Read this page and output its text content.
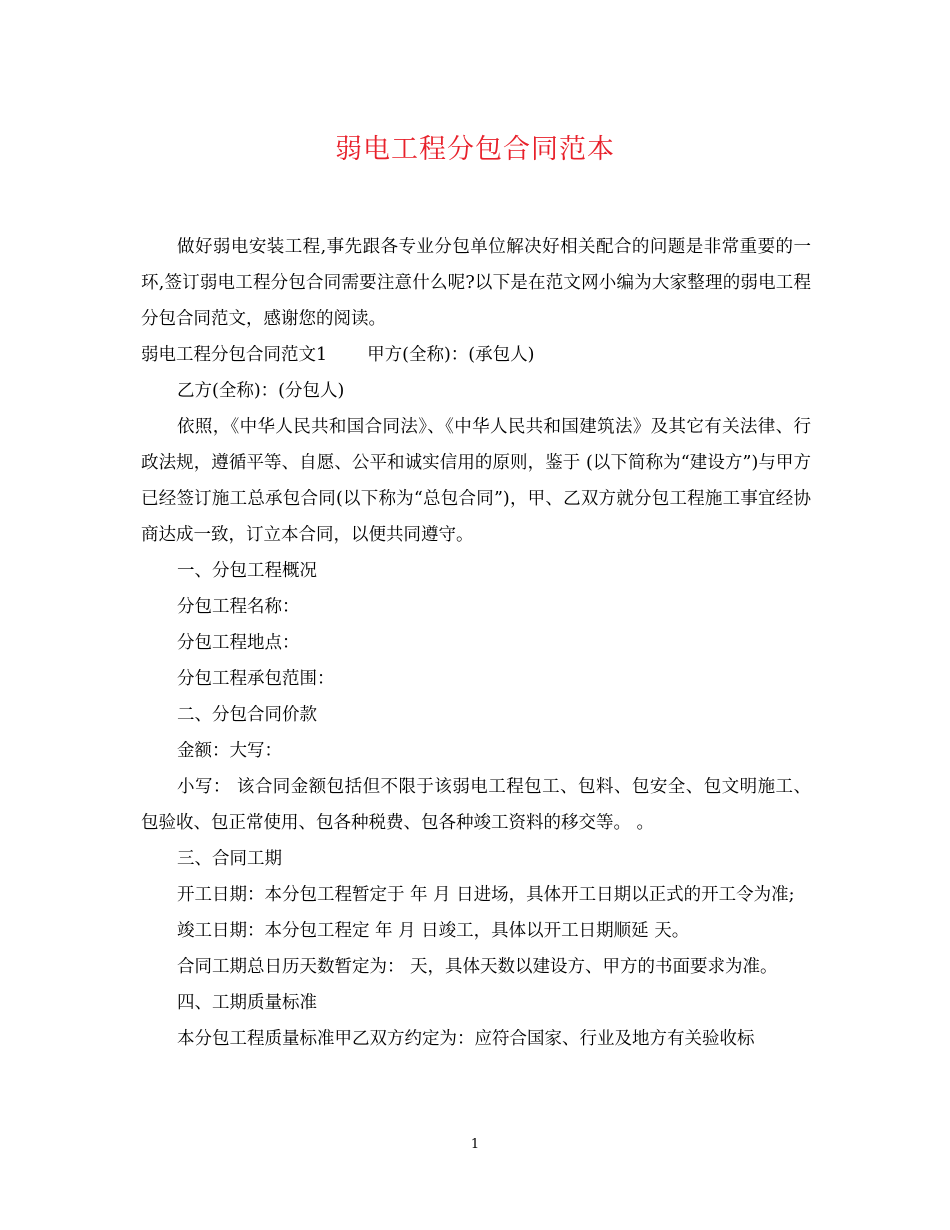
弱电工程分包合同范本

做好弱电安装工程,事先跟各专业分包单位解决好相关配合的问题是非常重要的一环,签订弱电工程分包合同需要注意什么呢?以下是在范文网小编为大家整理的弱电工程分包合同范文，感谢您的阅读。

弱电工程分包合同范文1 甲方(全称)：(承包人)

乙方(全称)：(分包人)

依照，《中华人民共和国合同法》、《中华人民共和国建筑法》及其它有关法律、行政法规，遵循平等、自愿、公平和诚实信用的原则，鉴于 (以下简称为“建设方”)与甲方已经签订施工总承包合同(以下称为“总包合同”)，甲、乙双方就分包工程施工事宜经协商达成一致，订立本合同，以便共同遵守。

一、分包工程概况

分包工程名称：

分包工程地点：

分包工程承包范围：

二、分包合同价款

金额：大写：

小写： 该合同金额包括但不限于该弱电工程包工、包料、包安全、包文明施工、包验收、包正常使用、包各种税费、包各种竣工资料的移交等。 。

三、合同工期

开工日期：本分包工程暂定于 年 月 日进场，具体开工日期以正式的开工令为准;

竣工日期：本分包工程定 年 月 日竣工，具体以开工日期顺延 天。

合同工期总日历天数暂定为： 天，具体天数以建设方、甲方的书面要求为准。

四、工期质量标准

本分包工程质量标准甲乙双方约定为：应符合国家、行业及地方有关验收标

1
